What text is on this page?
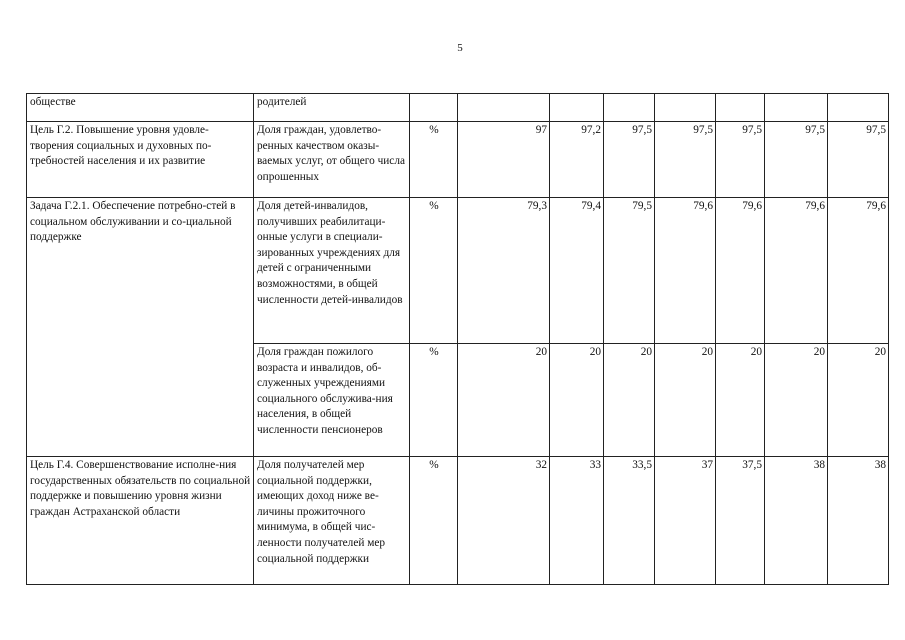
5
обществе	родителей								
Цель Г.2. Повышение уровня удовле-творения социальных и духовных по-требностей населения и их развитие	Доля граждан, удовлетво-ренных качеством оказы-ваемых услуг, от общего числа опрошенных	%	97	97,2	97,5	97,5	97,5	97,5	97,5
Задача Г.2.1. Обеспечение потребно-стей в социальном обслуживании и со-циальной поддержке	Доля детей-инвалидов, получивших реабилитаци-онные услуги в специали-зированных учреждениях для детей с ограниченными возможностями, в общей численности детей-инвалидов	%	79,3	79,4	79,5	79,6	79,6	79,6	79,6
	Доля граждан пожилого возраста и инвалидов, об-служенных учреждениями социального обслужива-ния населения, в общей численности пенсионеров	%	20	20	20	20	20	20	20
Цель Г.4. Совершенствование исполне-ния государственных обязательств по социальной поддержке и повышению уровня жизни граждан Астраханской области	Доля получателей мер социальной поддержки, имеющих доход ниже ве-личины прожиточного минимума, в общей чис-ленности получателей мер социальной поддержки	%	32	33	33,5	37	37,5	38	38
